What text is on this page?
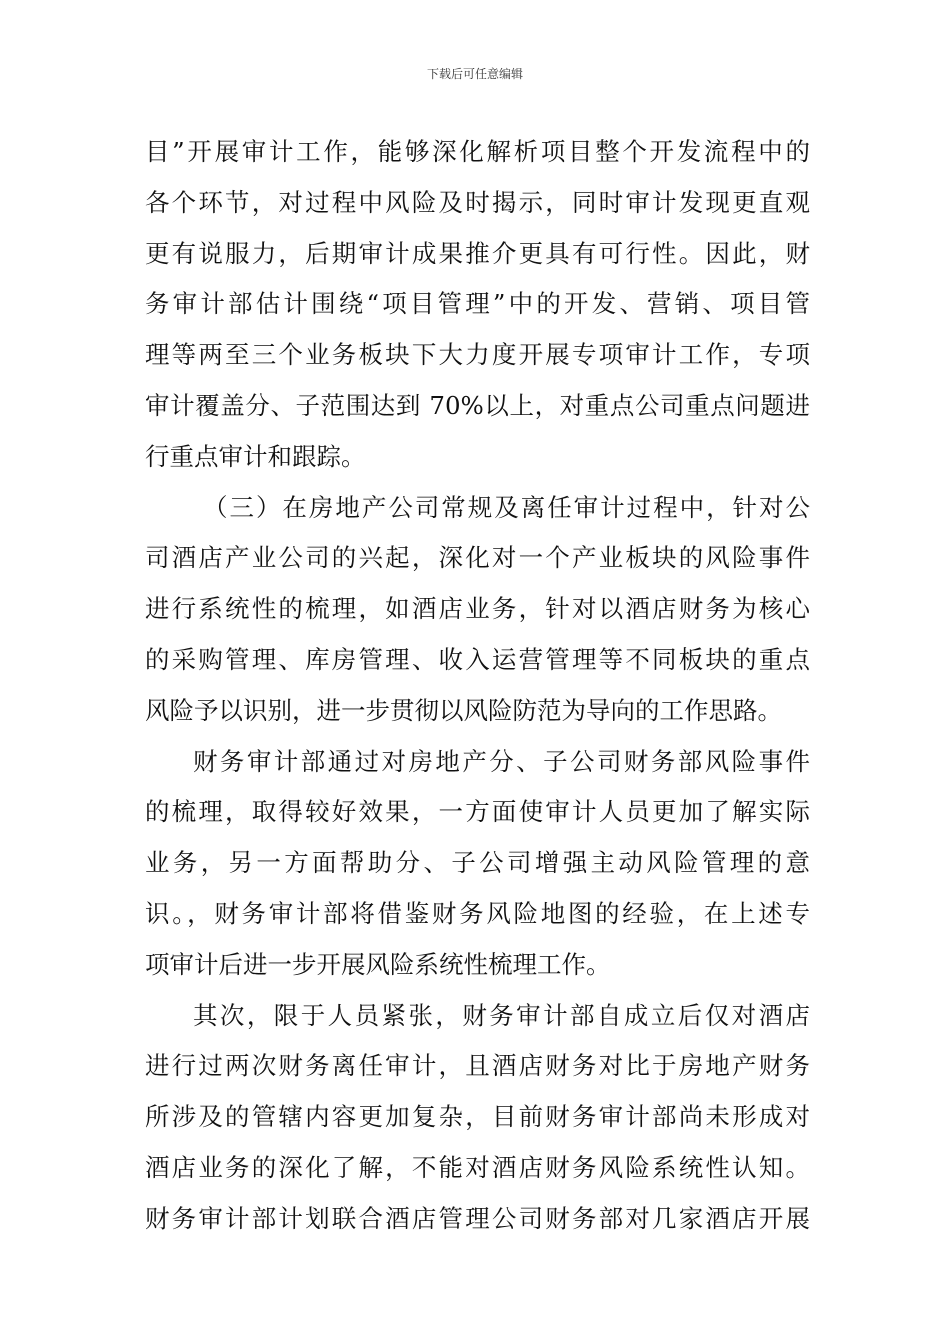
下载后可任意编辑
目”开展审计工作，能够深化解析项目整个开发流程中的
各个环节，对过程中风险及时揭示，同时审计发现更直观
更有说服力，后期审计成果推介更具有可行性。因此，财
务审计部估计围绕“项目管理”中的开发、营销、项目管
理等两至三个业务板块下大力度开展专项审计工作，专项
审计覆盖分、子范围达到 70%以上，对重点公司重点问题进
行重点审计和跟踪。
（三）在房地产公司常规及离任审计过程中，针对公
司酒店产业公司的兴起，深化对一个产业板块的风险事件
进行系统性的梳理，如酒店业务，针对以酒店财务为核心
的采购管理、库房管理、收入运营管理等不同板块的重点
风险予以识别，进一步贯彻以风险防范为导向的工作思路。
财务审计部通过对房地产分、子公司财务部风险事件
的梳理，取得较好效果，一方面使审计人员更加了解实际
业务，另一方面帮助分、子公司增强主动风险管理的意
识。，财务审计部将借鉴财务风险地图的经验，在上述专
项审计后进一步开展风险系统性梳理工作。
其次，限于人员紧张，财务审计部自成立后仅对酒店
进行过两次财务离任审计，且酒店财务对比于房地产财务
所涉及的管辖内容更加复杂，目前财务审计部尚未形成对
酒店业务的深化了解，不能对酒店财务风险系统性认知。
财务审计部计划联合酒店管理公司财务部对几家酒店开展
